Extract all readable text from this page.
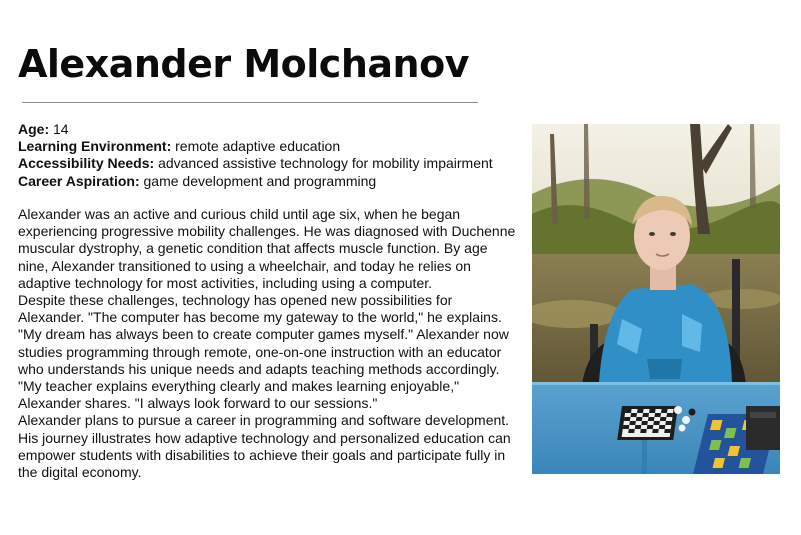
Alexander Molchanov
Age: 14
Learning Environment: remote adaptive education
Accessibility Needs: advanced assistive technology for mobility impairment
Career Aspiration: game development and programming

Alexander was an active and curious child until age six, when he began experiencing progressive mobility challenges. He was diagnosed with Duchenne muscular dystrophy, a genetic condition that affects muscle function. By age nine, Alexander transitioned to using a wheelchair, and today he relies on adaptive technology for most activities, including using a computer.

Despite these challenges, technology has opened new possibilities for Alexander. "The computer has become my gateway to the world," he explains. "My dream has always been to create computer games myself." Alexander now studies programming through remote, one-on-one instruction with an educator who understands his unique needs and adapts teaching methods accordingly. "My teacher explains everything clearly and makes learning enjoyable," Alexander shares. "I always look forward to our sessions."

Alexander plans to pursue a career in programming and software development. His journey illustrates how adaptive technology and personalized education can empower students with disabilities to achieve their goals and participate fully in the digital economy.
